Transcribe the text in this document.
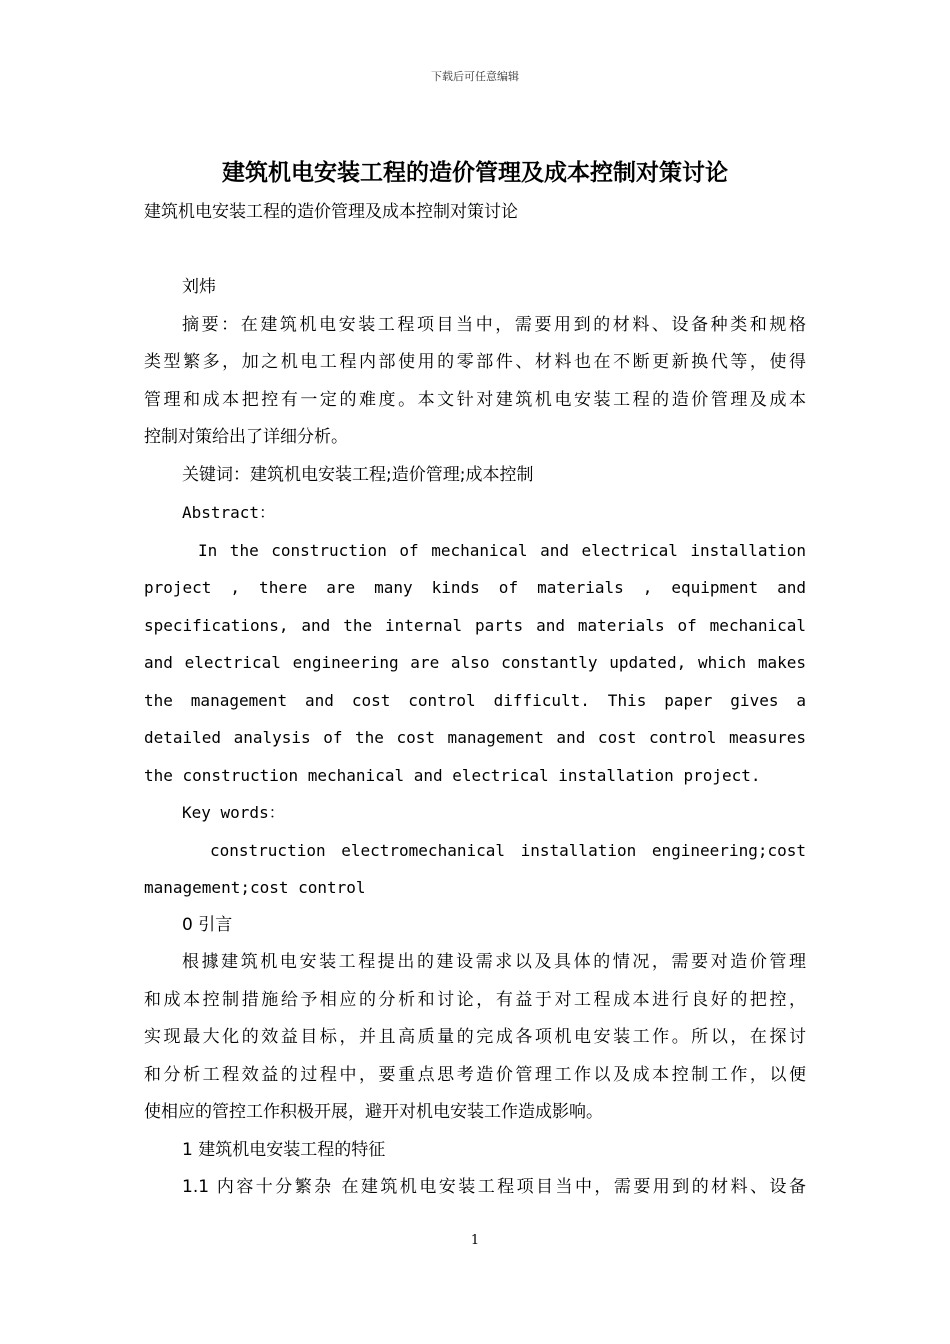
下载后可任意编辑
建筑机电安装工程的造价管理及成本控制对策讨论
建筑机电安装工程的造价管理及成本控制对策讨论
刘炜
摘要：在建筑机电安装工程项目当中，需要用到的材料、设备种类和规格
类型繁多，加之机电工程内部使用的零部件、材料也在不断更新换代等，使得
管理和成本把控有一定的难度。本文针对建筑机电安装工程的造价管理及成本
控制对策给出了详细分析。
关键词：建筑机电安装工程;造价管理;成本控制
Abstract：
In the construction of mechanical and electrical installation
project , there are many kinds of materials , equipment and
specifications, and the internal parts and materials of mechanical
and electrical engineering are also constantly updated, which makes
the management and cost control difficult. This paper gives a
detailed analysis of the cost management and cost control measures
the construction mechanical and electrical installation project.
Key words：
construction electromechanical installation engineering;cost
management;cost control
0 引言
根據建筑机电安装工程提出的建设需求以及具体的情况，需要对造价管理
和成本控制措施给予相应的分析和讨论，有益于对工程成本进行良好的把控，
实现最大化的效益目标，并且高质量的完成各项机电安装工作。所以，在探讨
和分析工程效益的过程中，要重点思考造价管理工作以及成本控制工作，以便
使相应的管控工作积极开展，避开对机电安装工作造成影响。
1 建筑机电安装工程的特征
1.1 内容十分繁杂 在建筑机电安装工程项目当中，需要用到的材料、设备
1
